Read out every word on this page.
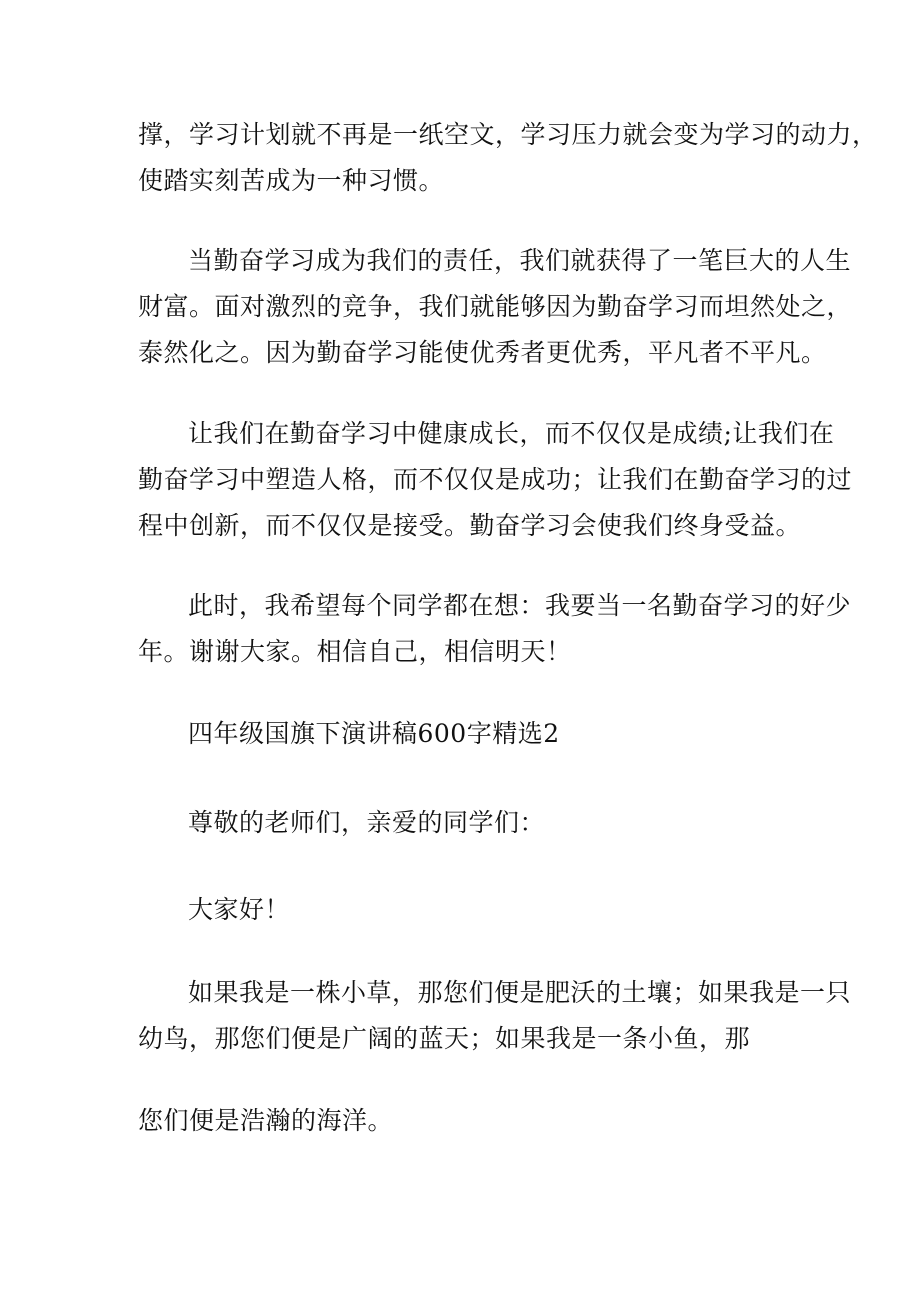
撑，学习计划就不再是一纸空文，学习压力就会变为学习的动力，
使踏实刻苦成为一种习惯。
当勤奋学习成为我们的责任，我们就获得了一笔巨大的人生
财富。面对激烈的竞争，我们就能够因为勤奋学习而坦然处之，
泰然化之。因为勤奋学习能使优秀者更优秀，平凡者不平凡。
让我们在勤奋学习中健康成长，而不仅仅是成绩;让我们在
勤奋学习中塑造人格，而不仅仅是成功；让我们在勤奋学习的过
程中创新，而不仅仅是接受。勤奋学习会使我们终身受益。
此时，我希望每个同学都在想：我要当一名勤奋学习的好少
年。谢谢大家。相信自己，相信明天！
四年级国旗下演讲稿600字精选2
尊敬的老师们，亲爱的同学们：
大家好！
如果我是一株小草，那您们便是肥沃的土壤；如果我是一只
幼鸟，那您们便是广阔的蓝天；如果我是一条小鱼，那
您们便是浩瀚的海洋。
